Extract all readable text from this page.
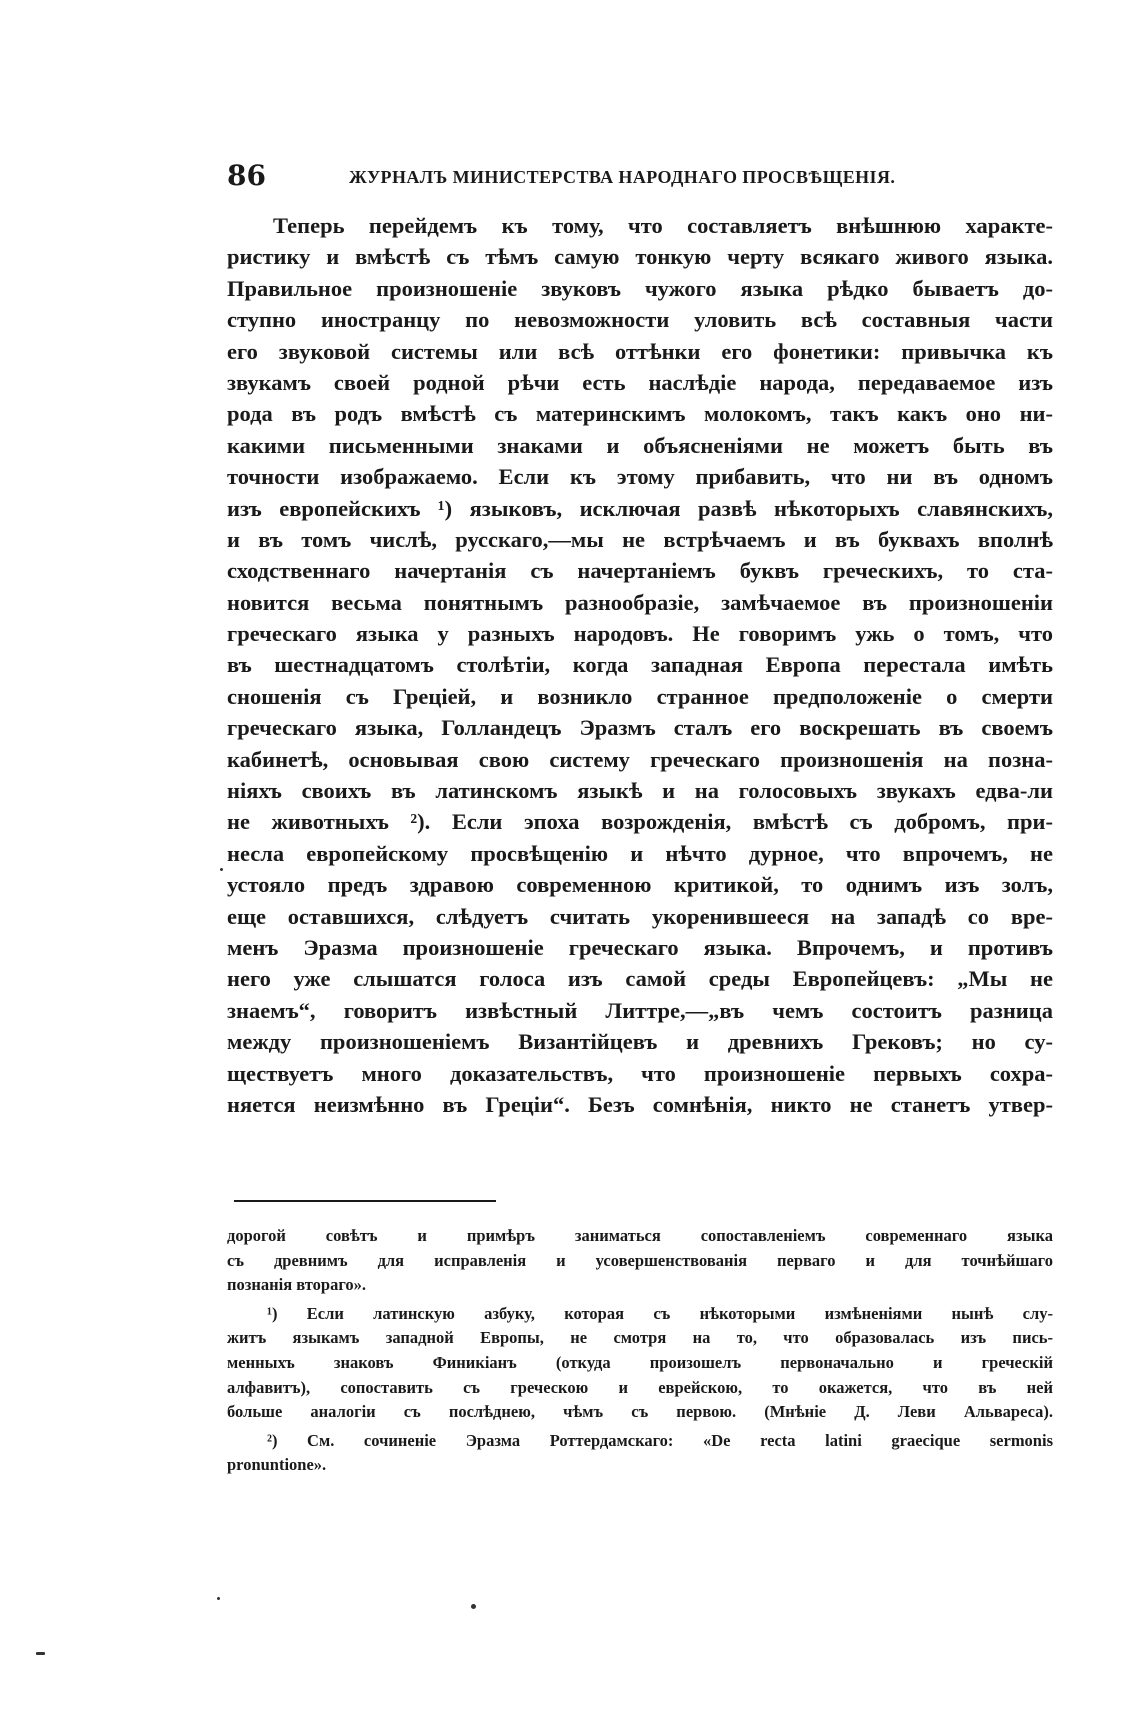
86	ЖУРНАЛЪ МИНИСТЕРСТВА НАРОДНАГО ПРОСВѢЩЕНІЯ.
Теперь перейдемъ къ тому, что составляетъ внѣшнюю характе-
ристику и вмѣстѣ съ тѣмъ самую тонкую черту всякаго живого языка.
Правильное произношеніе звуковъ чужого языка рѣдко бываетъ до-
ступно иностранцу по невозможности уловить всѣ составныя части
его звуковой системы или всѣ оттѣнки его фонетики: привычка къ
звукамъ своей родной рѣчи есть наслѣдіе народа, передаваемое изъ
рода въ родъ вмѣстѣ съ материнскимъ молокомъ, такъ какъ оно ни-
какими письменными знаками и объясненіями не можетъ быть въ
точности изображаемо. Если къ этому прибавить, что ни въ одномъ
изъ европейскихъ ¹) языковъ, исключая развѣ нѣкоторыхъ славянскихъ,
и въ томъ числѣ, русскаго,—мы не встрѣчаемъ и въ буквахъ вполнѣ
сходственнаго начертанія съ начертаніемъ буквъ греческихъ, то ста-
новится весьма понятнымъ разнообразіе, замѣчаемое въ произношеніи
греческаго языка у разныхъ народовъ. Не говоримъ ужь о томъ, что
въ шестнадцатомъ столѣтіи, когда западная Европа перестала имѣть
сношенія съ Греціей, и возникло странное предположеніе о смерти
греческаго языка, Голландецъ Эразмъ сталъ его воскрешать въ своемъ
кабинетѣ, основывая свою систему греческаго произношенія на позна-
ніяхъ своихъ въ латинскомъ языкѣ и на голосовыхъ звукахъ едва-ли
не животныхъ ²). Если эпоха возрожденія, вмѣстѣ съ добромъ, при-
несла европейскому просвѣщенію и нѣчто дурное, что впрочемъ, не
устояло предъ здравою современною критикой, то однимъ изъ золъ,
еще оставшихся, слѣдуетъ считать укоренившееся на западѣ со вре-
менъ Эразма произношеніе греческаго языка. Впрочемъ, и противъ
него уже слышатся голоса изъ самой среды Европейцевъ: „Мы не
знаемъ“, говоритъ извѣстный Литтре,—„въ чемъ состоитъ разница
между произношеніемъ Византійцевъ и древнихъ Грековъ; но су-
ществуетъ много доказательствъ, что произношеніе первыхъ сохра-
няется неизмѣнно въ Греціи“. Безъ сомнѣнія, никто не станетъ утвер-
дорогой совѣтъ и примѣръ заниматься сопоставленіемъ современнаго языка
съ древнимъ для исправленія и усовершенствованія перваго и для точнѣйшаго
познанія втораго».
¹) Если латинскую азбуку, которая съ нѣкоторыми измѣненіями нынѣ слу-
житъ языкамъ западной Европы, не смотря на то, что образовалась изъ пись-
менныхъ знаковъ Финикіанъ (откуда произошелъ первоначально и греческій
алфавитъ), сопоставить съ греческою и еврейскою, то окажется, что въ ней
больше аналогіи съ послѣднею, чѣмъ съ первою. (Мнѣніе Д. Леви Альвареса).
²) См. сочиненіе Эразма Роттердамскаго: «De recta latini graecique sermonis
pronuntione».
